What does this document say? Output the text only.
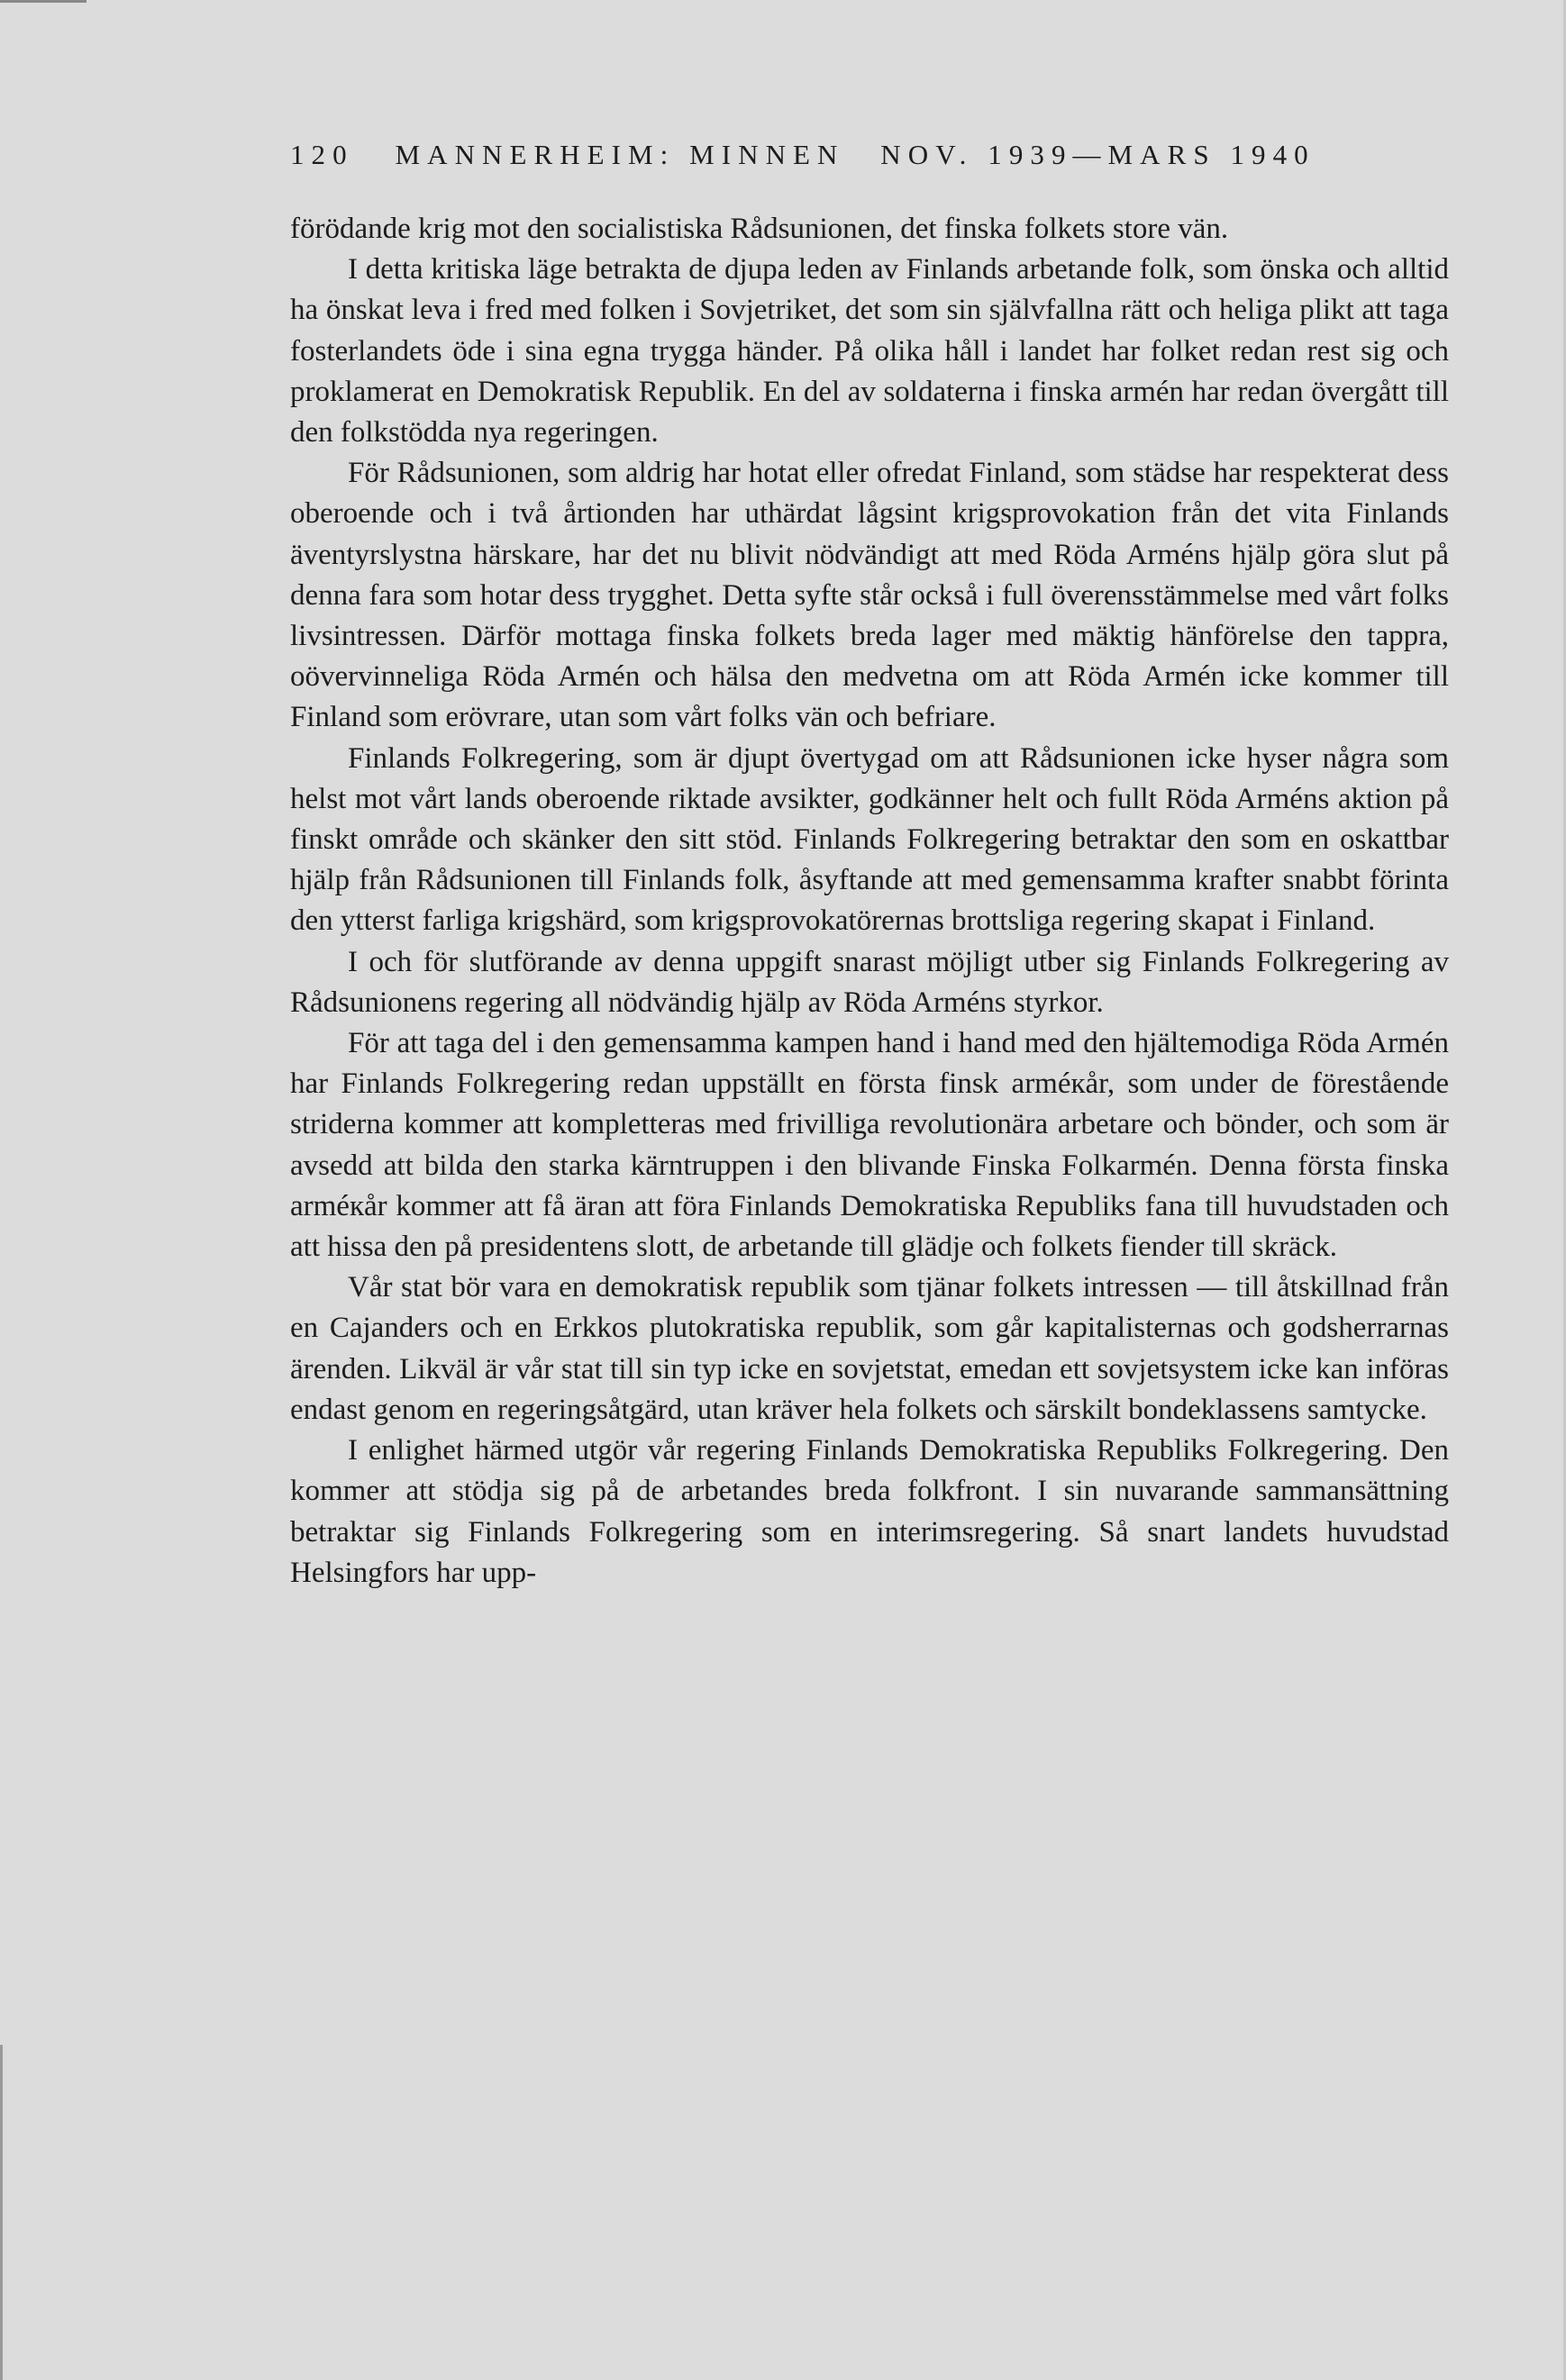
120 MANNERHEIM: MINNEN NOV. 1939—MARS 1940

förödande krig mot den socialistiska Rådsunionen, det finska folkets store vän.

I detta kritiska läge betrakta de djupa leden av Finlands arbetande folk, som önska och alltid ha önskat leva i fred med folken i Sovjetriket, det som sin självfallna rätt och heliga plikt att taga fosterlandets öde i sina egna trygga händer. På olika håll i landet har folket redan rest sig och proklamerat en Demokratisk Republik. En del av soldaterna i finska armén har redan övergått till den folkstödda nya regeringen.

För Rådsunionen, som aldrig har hotat eller ofredat Finland, som städse har respekterat dess oberoende och i två årtionden har uthärdat lågsint krigsprovokation från det vita Finlands äventyrslystna härskare, har det nu blivit nödvändigt att med Röda Arméns hjälp göra slut på denna fara som hotar dess trygghet. Detta syfte står också i full överensstämmelse med vårt folks livsintressen. Därför mottaga finska folkets breda lager med mäktig hänförelse den tappra, oövervinneliga Röda Armén och hälsa den medvetna om att Röda Armén icke kommer till Finland som erövrare, utan som vårt folks vän och befriare.

Finlands Folkregering, som är djupt övertygad om att Rådsunionen icke hyser några som helst mot vårt lands oberoende riktade avsikter, godkänner helt och fullt Röda Arméns aktion på finskt område och skänker den sitt stöd. Finlands Folkregering betraktar den som en oskattbar hjälp från Rådsunionen till Finlands folk, åsyftande att med gemensamma krafter snabbt förinta den ytterst farliga krigshärd, som krigsprovokatörernas brottsliga regering skapat i Finland.

I och för slutförande av denna uppgift snarast möjligt utber sig Finlands Folkregering av Rådsunionens regering all nödvändig hjälp av Röda Arméns styrkor.

För att taga del i den gemensamma kampen hand i hand med den hjältemodiga Röda Armén har Finlands Folkregering redan uppställt en första finsk arméкår, som under de förestående striderna kommer att kompletteras med frivilliga revolutionära arbetare och bönder, och som är avsedd att bilda den starka kärntruppen i den blivande Finska Folkarmén. Denna första finska arméкår kommer att få äran att föra Finlands Demokratiska Republiks fana till huvudstaden och att hissa den på presidentens slott, de arbetande till glädje och folkets fiender till skräck.

Vår stat bör vara en demokratisk republik som tjänar folkets intressen — till åtskillnad från en Cajanders och en Erkkos plutokratiska republik, som går kapitalisternas och godsherrarnas ärenden. Likväl är vår stat till sin typ icke en sovjetstat, emedan ett sovjetsystem icke kan införas endast genom en regeringsåtgärd, utan kräver hela folkets och särskilt bondeklassens samtycke.

I enlighet härmed utgör vår regering Finlands Demokratiska Republiks Folkregering. Den kommer att stödja sig på de arbetandes breda folkfront. I sin nuvarande sammansättning betraktar sig Finlands Folkregering som en interimsregering. Så snart landets huvudstad Helsingfors har upp-
